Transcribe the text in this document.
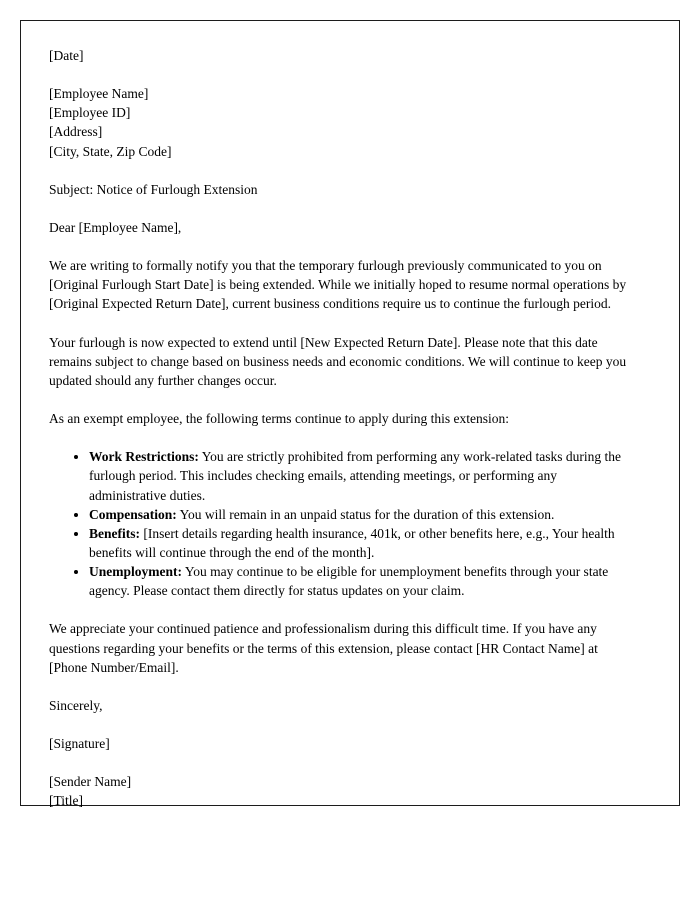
[Date]
[Employee Name]
[Employee ID]
[Address]
[City, State, Zip Code]
Subject: Notice of Furlough Extension
Dear [Employee Name],

We are writing to formally notify you that the temporary furlough previously communicated to you on [Original Furlough Start Date] is being extended. While we initially hoped to resume normal operations by [Original Expected Return Date], current business conditions require us to continue the furlough period.

Your furlough is now expected to extend until [New Expected Return Date]. Please note that this date remains subject to change based on business needs and economic conditions. We will continue to keep you updated should any further changes occur.

As an exempt employee, the following terms continue to apply during this extension:

• Work Restrictions: You are strictly prohibited from performing any work-related tasks during the furlough period. This includes checking emails, attending meetings, or performing any administrative duties.
• Compensation: You will remain in an unpaid status for the duration of this extension.
• Benefits: [Insert details regarding health insurance, 401k, or other benefits here, e.g., Your health benefits will continue through the end of the month].
• Unemployment: You may continue to be eligible for unemployment benefits through your state agency. Please contact them directly for status updates on your claim.

We appreciate your continued patience and professionalism during this difficult time. If you have any questions regarding your benefits or the terms of this extension, please contact [HR Contact Name] at [Phone Number/Email].

Sincerely,
[Signature]
[Sender Name]
[Title]
